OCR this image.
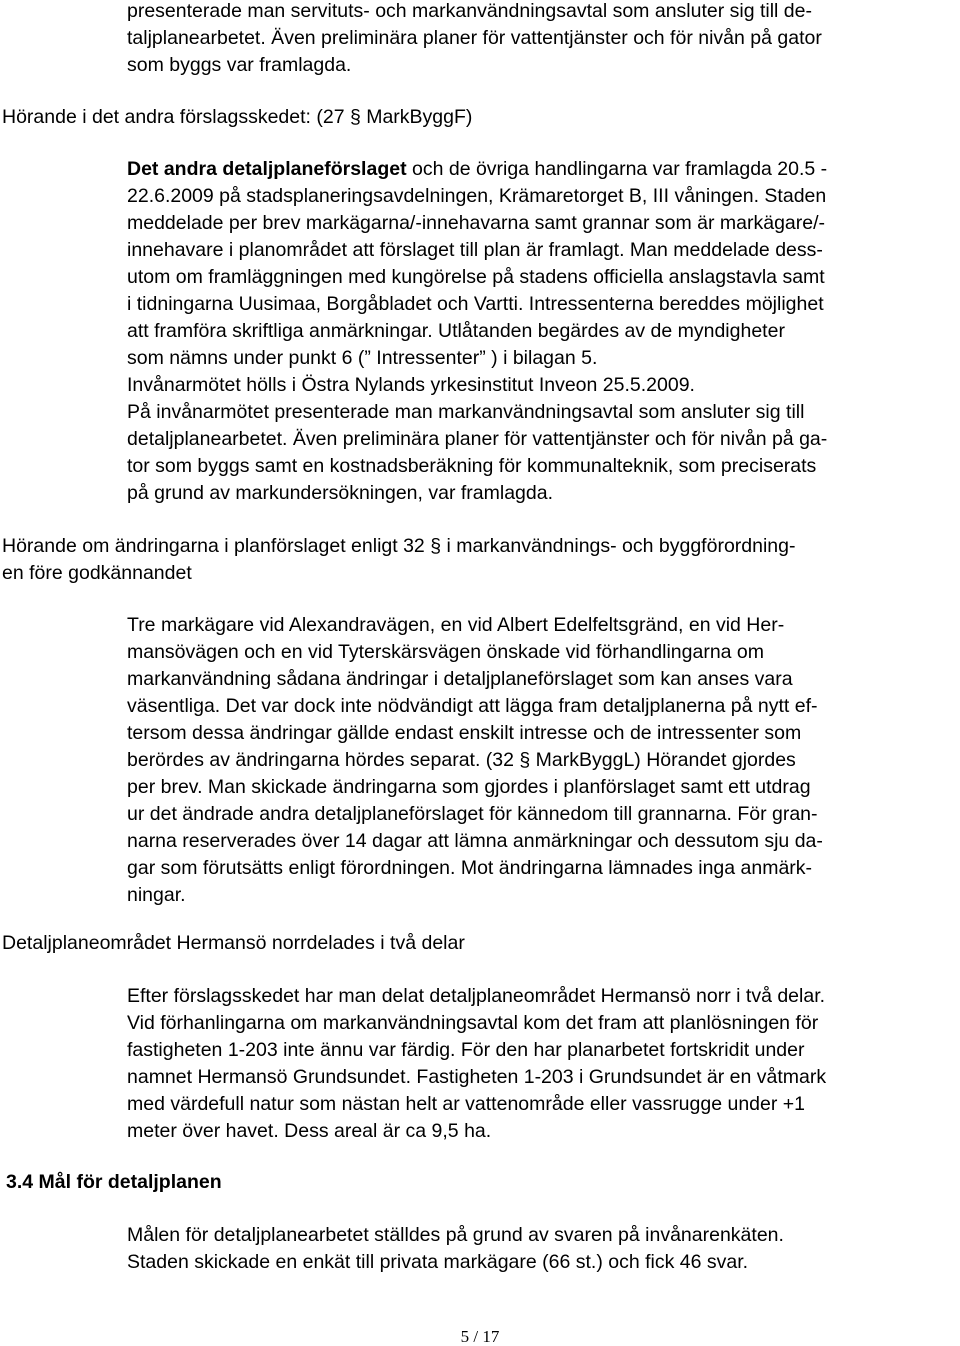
presenterade man servituts- och markanvändningsavtal som ansluter sig till de-
taljplanearbetet. Även preliminära planer för vattentjänster och för nivån på gator
som byggs var framlagda.
Hörande i det andra förslagsskedet: (27 § MarkByggF)
Det andra detaljplaneförslaget och de övriga handlingarna var framlagda 20.5 -
22.6.2009 på stadsplaneringsavdelningen, Krämaretorget B, III våningen. Staden
meddelade per brev markägarna/-innehavarna samt grannar som är markägare/-
innehavare i planområdet att förslaget till plan är framlagt. Man meddelade dess-
utom om framläggningen med kungörelse på stadens officiella anslagstavla samt
i tidningarna Uusimaa, Borgåbladet och Vartti. Intressenterna bereddes möjlighet
att framföra skriftliga anmärkningar. Utlåtanden begärdes av de myndigheter
som nämns under punkt 6 (” Intressenter” ) i bilagan 5.
Invånarmötet hölls i Östra Nylands yrkesinstitut Inveon 25.5.2009.
På invånarmötet presenterade man markanvändningsavtal som ansluter sig till
detaljplanearbetet. Även preliminära planer för vattentjänster och för nivån på ga-
tor som byggs samt en kostnadsberäkning för kommunalteknik, som preciserats
på grund av markundersökningen, var framlagda.
Hörande om ändringarna i planförslaget enligt 32 § i markanvändnings- och byggförordning-
en före godkännandet
Tre markägare vid Alexandravägen, en vid Albert Edelfeltsgränd, en vid Her-
mansövägen och en vid Tyterskärsvägen önskade vid förhandlingarna om
markanvändning sådana ändringar i detaljplaneförslaget som kan anses vara
väsentliga. Det var dock inte nödvändigt att lägga fram detaljplanerna på nytt ef-
tersom dessa ändringar gällde endast enskilt intresse och de intressenter som
berördes av ändringarna hördes separat. (32 § MarkByggL) Hörandet gjordes
per brev. Man skickade ändringarna som gjordes i planförslaget samt ett utdrag
ur det ändrade andra detaljplaneförslaget för kännedom till grannarna. För gran-
narna reserverades över 14 dagar att lämna anmärkningar och dessutom sju da-
gar som förutsätts enligt förordningen. Mot ändringarna lämnades inga anmärk-
ningar.
Detaljplaneområdet Hermansö norrdelades i två delar
Efter förslagsskedet har man delat detaljplaneområdet Hermansö norr i två delar.
Vid förhanlingarna om markanvändningsavtal kom det fram att planlösningen för
fastigheten 1-203 inte ännu var färdig. För den har planarbetet fortskridit under
namnet Hermansö Grundsundet. Fastigheten 1-203 i Grundsundet är en våtmark
med värdefull natur som nästan helt ar vattenområde eller vassrugge under +1
meter över havet. Dess areal är ca 9,5 ha.
3.4 Mål för detaljplanen
Målen för detaljplanearbetet ställdes på grund av svaren på invånarenkäten.
Staden skickade en enkät till privata markägare (66 st.) och fick 46 svar.
5 / 17
